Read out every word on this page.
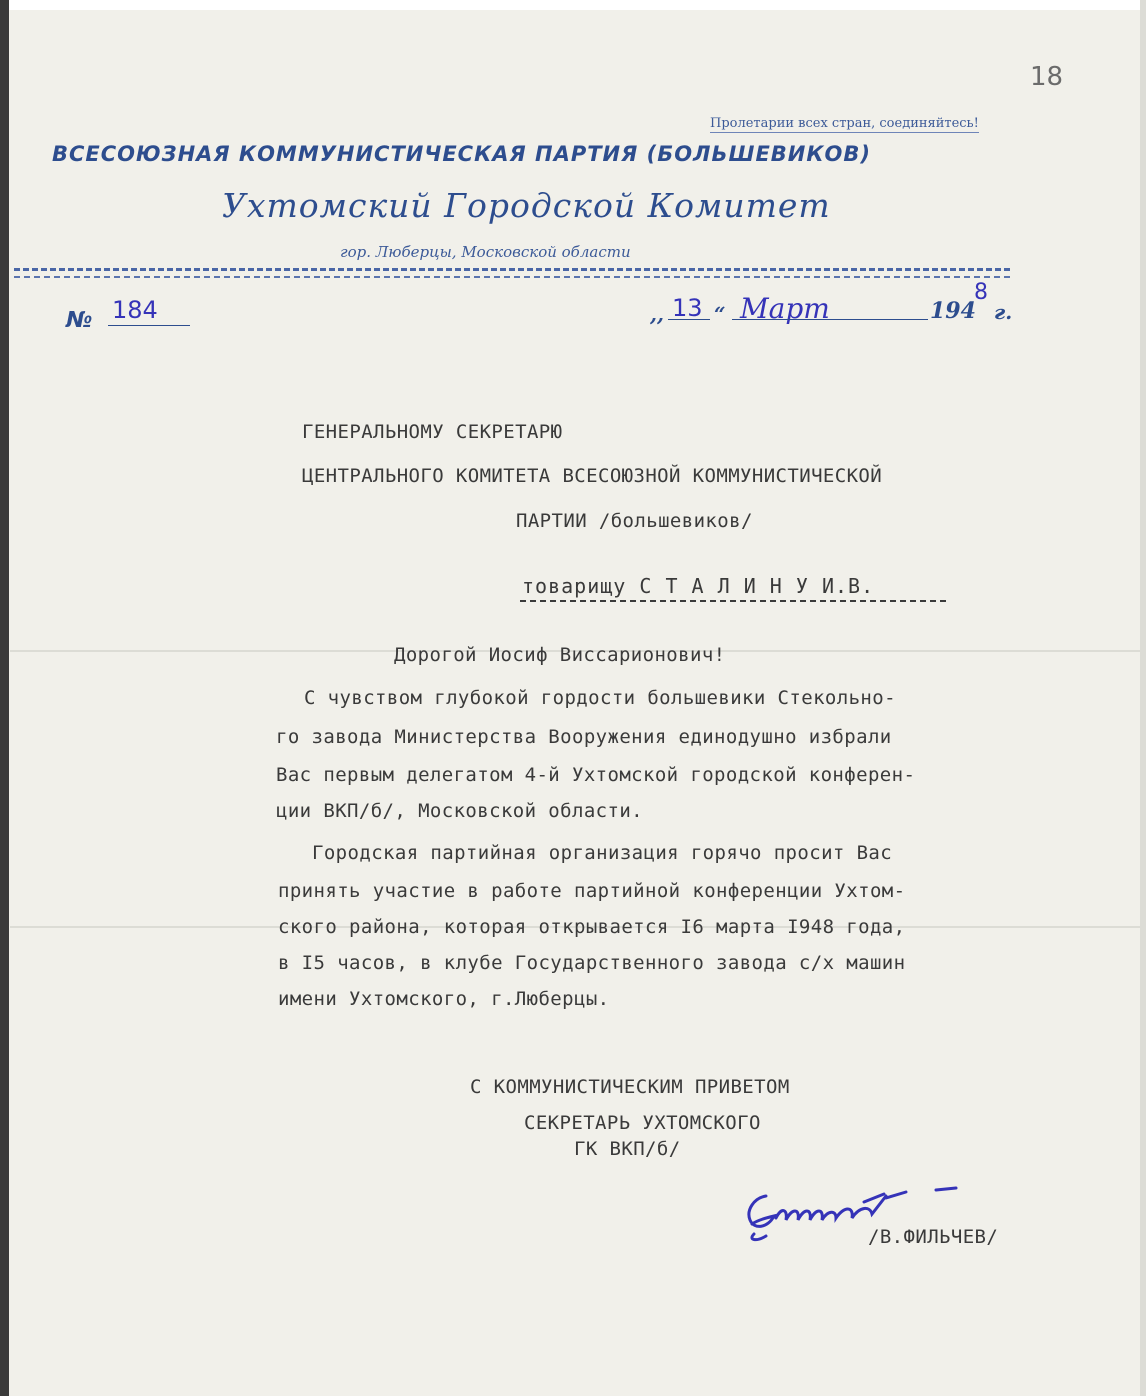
18
Пролетарии всех стран, соединяйтесь!
ВСЕСОЮЗНАЯ КОММУНИСТИЧЕСКАЯ ПАРТИЯ (БОЛЬШЕВИКОВ)
Ухтомский Городской Комитет
гор. Люберцы, Московской области
№ 184	,, 13 “ Март	194
8
г.
ГЕНЕРАЛЬНОМУ СЕКРЕТАРЮ
ЦЕНТРАЛЬНОГО КОМИТЕТА ВСЕСОЮЗНОЙ КОММУНИСТИЧЕСКОЙ
ПАРТИИ /большевиков/
товарищу С Т А Л И Н У И.В.
Дорогой Иосиф Виссарионович!
С чувством глубокой гордости большевики Стекольно-
го завода Министерства Вооружения единодушно избрали
Вас первым делегатом 4-й Ухтомской городской конферен-
ции ВКП/б/, Московской области.
Городская партийная организация горячо просит Вас
принять участие в работе партийной конференции Ухтом-
ского района, которая открывается I6 марта I948 года,
в I5 часов, в клубе Государственного завода с/х машин
имени Ухтомского, г.Люберцы.
С КОММУНИСТИЧЕСКИМ ПРИВЕТОМ
СЕКРЕТАРЬ УХТОМСКОГО
ГК ВКП/б/
/В.ФИЛЬЧЕВ/
